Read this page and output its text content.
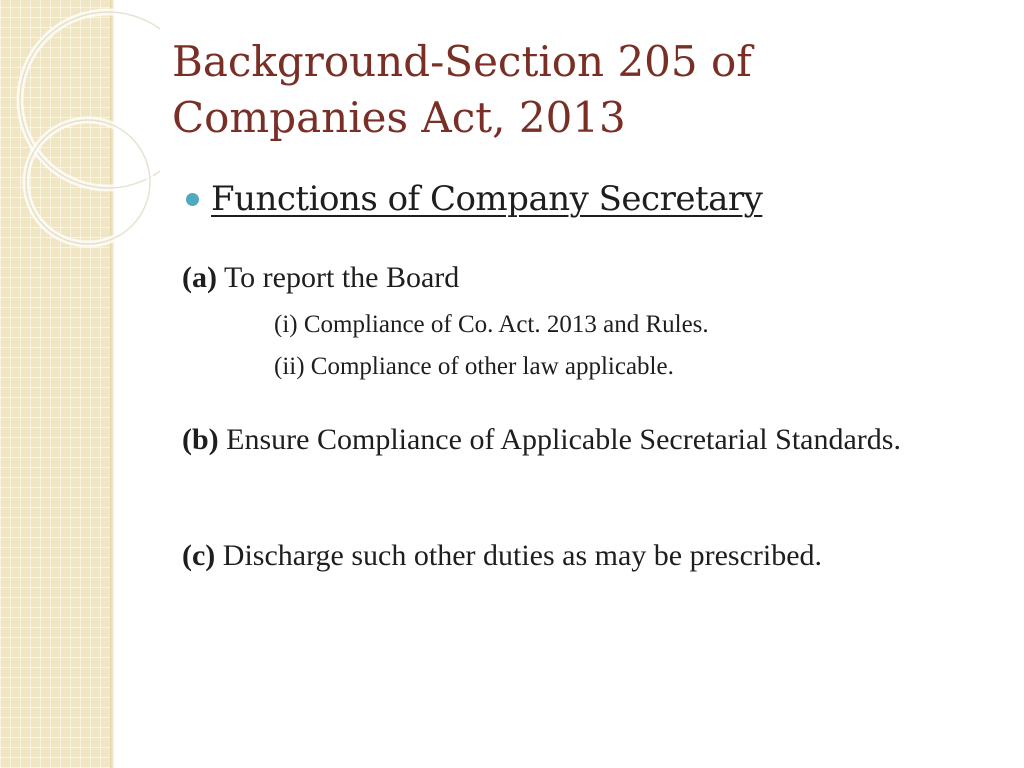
Background-Section 205 of Companies Act, 2013
Functions of Company Secretary
(a) To report the Board
(i) Compliance of Co. Act. 2013 and Rules.
(ii) Compliance of other law applicable.
(b) Ensure Compliance of Applicable Secretarial Standards.
(c) Discharge such other duties as may be prescribed.
